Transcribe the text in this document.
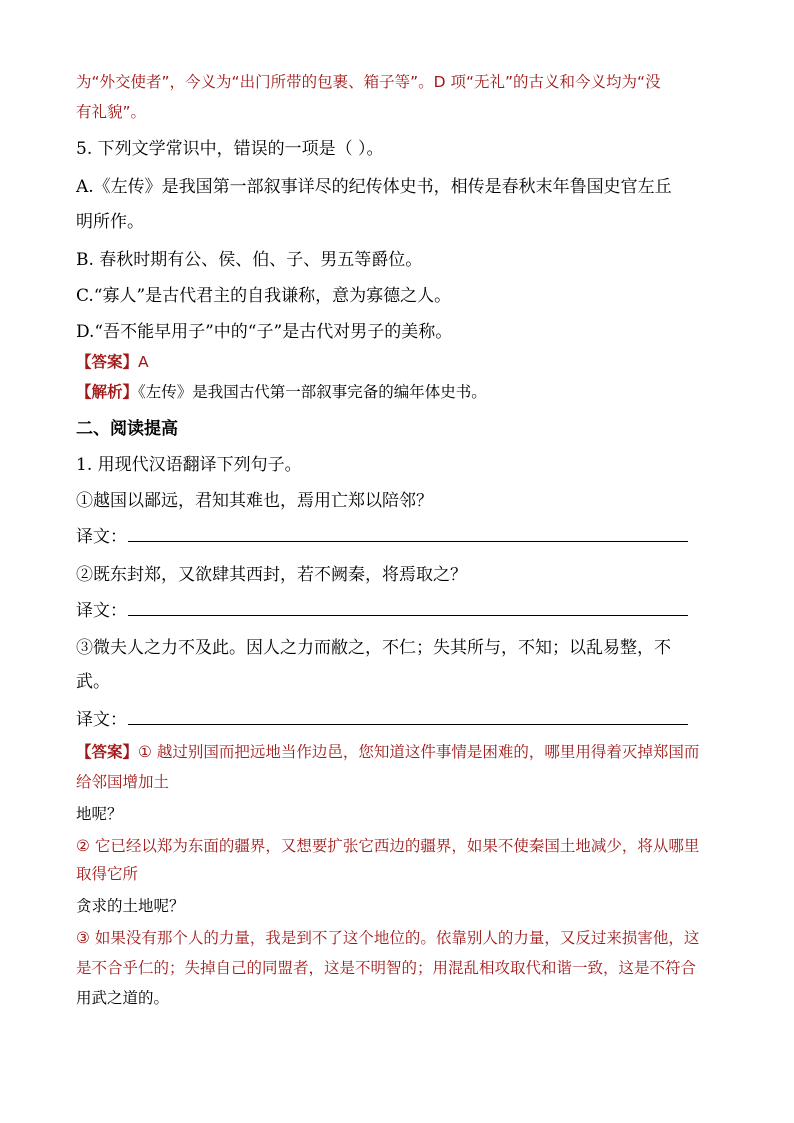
为“外交使者”，今义为“出门所带的包裹、箱子等”。D 项“无礼”的古义和今义均为“没
有礼貌”。
5. 下列文学常识中，错误的一项是（ ）。
A.《左传》是我国第一部叙事详尽的纪传体史书，相传是春秋末年鲁国史官左丘
明所作。
B. 春秋时期有公、侯、伯、子、男五等爵位。
C.“寡人”是古代君主的自我谦称，意为寡德之人。
D.“吾不能早用子”中的“子”是古代对男子的美称。
【答案】A
【解析】《左传》是我国古代第一部叙事完备的编年体史书。
二、阅读提高
1. 用现代汉语翻译下列句子。
①越国以鄙远，君知其难也，焉用亡郑以陪邻？
译文：
②既东封郑，又欲肆其西封，若不阙秦，将焉取之？
译文：
③微夫人之力不及此。因人之力而敝之，不仁；失其所与，不知；以乱易整，不
武。
译文：
【答案】① 越过别国而把远地当作边邑，您知道这件事情是困难的，哪里用得着灭掉郑国而
给邻国增加土
地呢？
② 它已经以郑为东面的疆界，又想要扩张它西边的疆界，如果不使秦国土地减少，将从哪里
取得它所
贪求的土地呢？
③ 如果没有那个人的力量，我是到不了这个地位的。依靠别人的力量，又反过来损害他，这
是不合乎仁的；失掉自己的同盟者，这是不明智的；用混乱相攻取代和谐一致，这是不符合
用武之道的。
